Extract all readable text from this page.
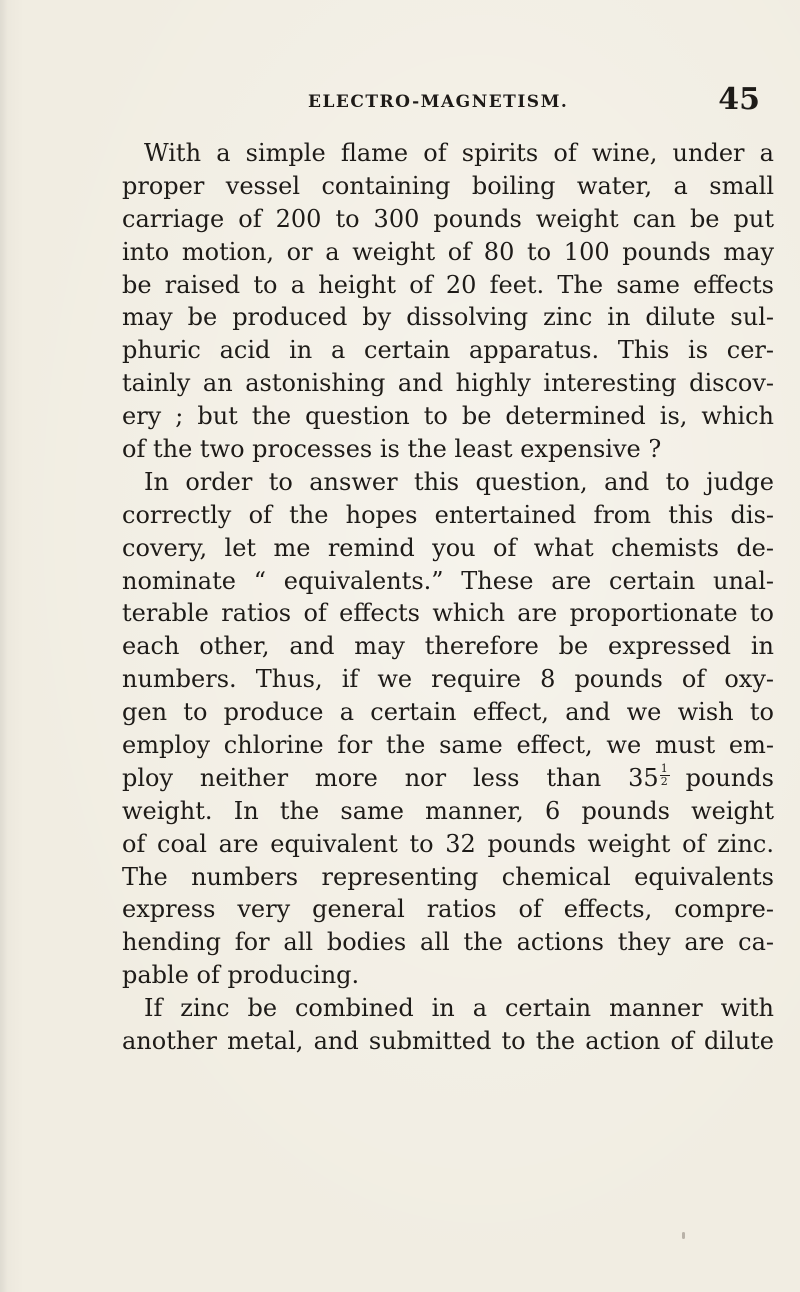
ELECTRO-MAGNETISM.	45
With a simple flame of spirits of wine, under a
proper vessel containing boiling water, a small
carriage of 200 to 300 pounds weight can be put
into motion, or a weight of 80 to 100 pounds may
be raised to a height of 20 feet. The same effects
may be produced by dissolving zinc in dilute sul-
phuric acid in a certain apparatus. This is cer-
tainly an astonishing and highly interesting discov-
ery ; but the question to be determined is, which
of the two processes is the least expensive ?
In order to answer this question, and to judge
correctly of the hopes entertained from this dis-
covery, let me remind you of what chemists de-
nominate “ equivalents.” These are certain unal-
terable ratios of effects which are proportionate to
each other, and may therefore be expressed in
numbers. Thus, if we require 8 pounds of oxy-
gen to produce a certain effect, and we wish to
employ chlorine for the same effect, we must em-
ploy neither more nor less than 35 1
2 pounds
weight. In the same manner, 6 pounds weight
of coal are equivalent to 32 pounds weight of zinc.
The numbers representing chemical equivalents
express very general ratios of effects, compre-
hending for all bodies all the actions they are ca-
pable of producing.
If zinc be combined in a certain manner with
another metal, and submitted to the action of dilute
